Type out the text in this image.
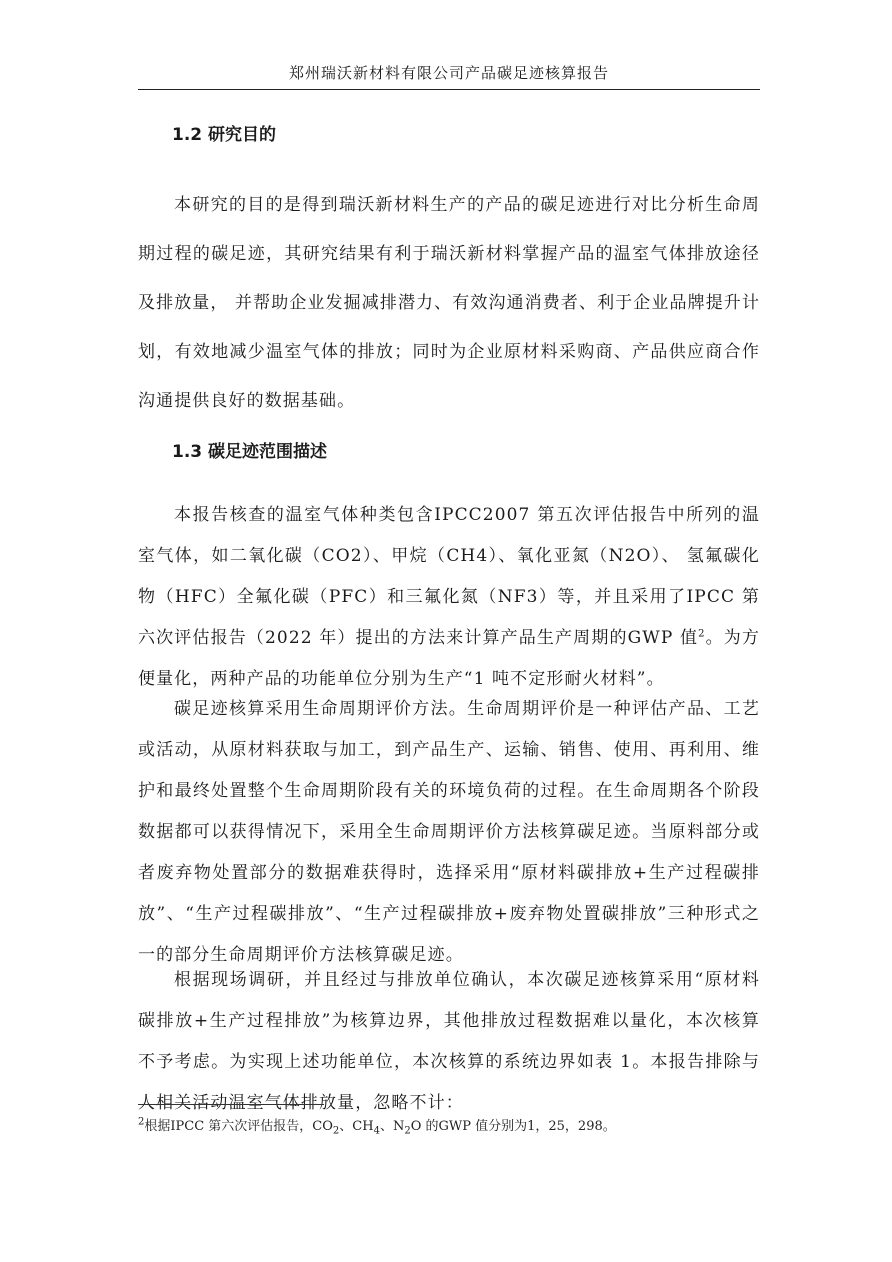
郑州瑞沃新材料有限公司产品碳足迹核算报告
1.2 研究目的

本研究的目的是得到瑞沃新材料生产的产品的碳足迹进行对比分析生命周期过程的碳足迹，其研究结果有利于瑞沃新材料掌握产品的温室气体排放途径及排放量， 并帮助企业发掘减排潜力、有效沟通消费者、利于企业品牌提升计划，有效地减少温室气体的排放；同时为企业原材料采购商、产品供应商合作沟通提供良好的数据基础。

1.3 碳足迹范围描述

本报告核查的温室气体种类包含IPCC2007 第五次评估报告中所列的温室气体，如二氧化碳（CO2）、甲烷（CH4）、氧化亚氮（N2O）、 氢氟碳化物（HFC）全氟化碳（PFC）和三氟化氮（NF3）等，并且采用了IPCC 第六次评估报告（2022 年）提出的方法来计算产品生产周期的GWP 值$^2$。为方便量化，两种产品的功能单位分别为生产“1 吨不定形耐火材料”。

碳足迹核算采用生命周期评价方法。生命周期评价是一种评估产品、工艺或活动，从原材料获取与加工，到产品生产、运输、销售、使用、再利用、维护和最终处置整个生命周期阶段有关的环境负荷的过程。在生命周期各个阶段数据都可以获得情况下，采用全生命周期评价方法核算碳足迹。当原料部分或者废弃物处置部分的数据难获得时，选择采用“原材料碳排放+生产过程碳排放”、“生产过程碳排放”、“生产过程碳排放+废弃物处置碳排放”三种形式之一的部分生命周期评价方法核算碳足迹。

根据现场调研，并且经过与排放单位确认，本次碳足迹核算采用“原材料碳排放+生产过程排放”为核算边界，其他排放过程数据难以量化，本次核算不予考虑。为实现上述功能单位，本次核算的系统边界如表 1。本报告排除与人相关活动温室气体排放量，忽略不计：

$^2$根据IPCC 第六次评估报告，$CO_2$、$CH_4$、$N_2O$ 的GWP 值分别为1，25，298。
